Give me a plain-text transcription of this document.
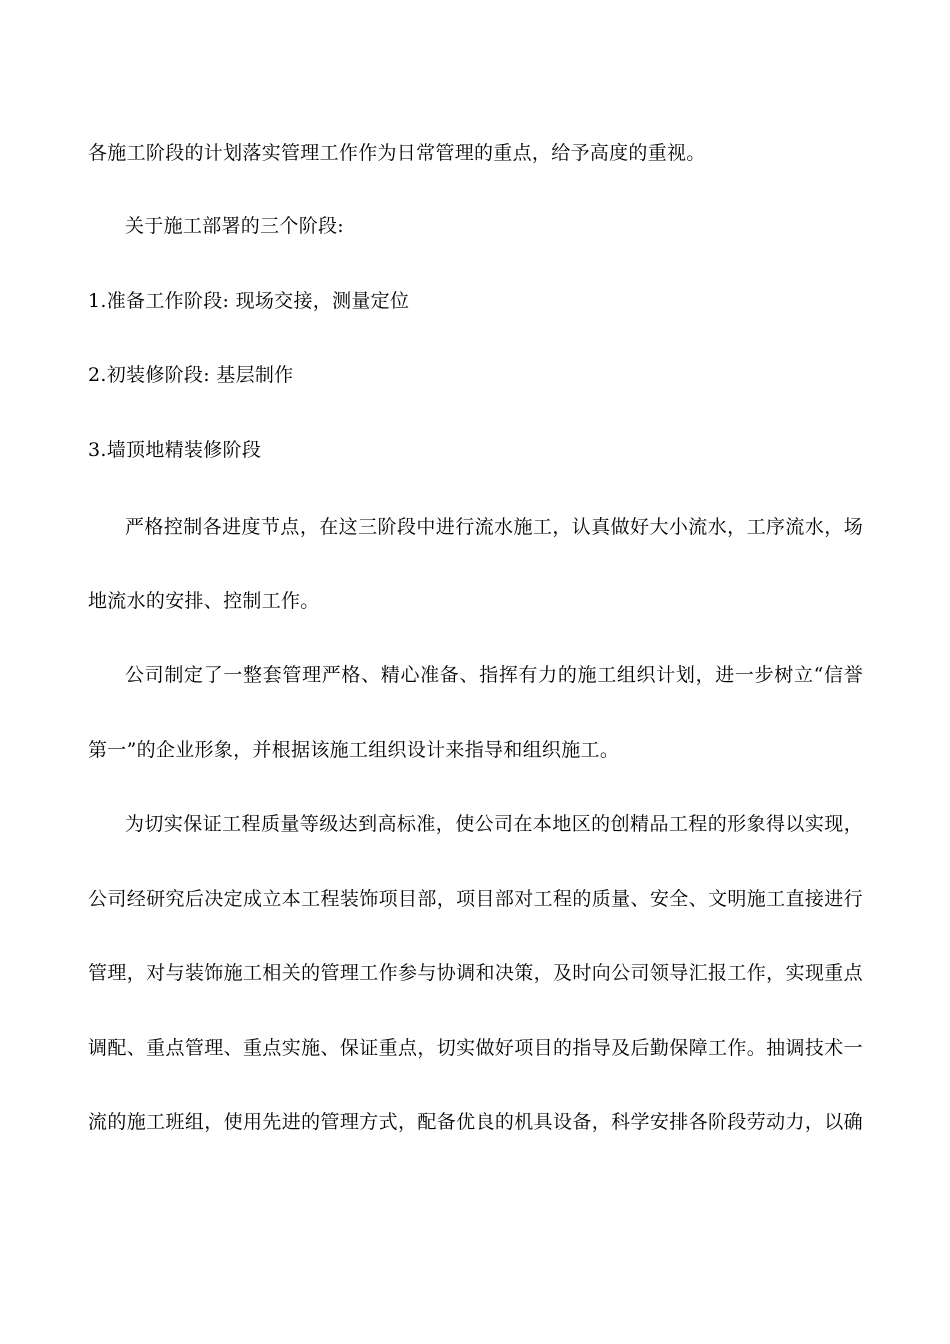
各施工阶段的计划落实管理工作作为日常管理的重点，给予高度的重视。
关于施工部署的三个阶段:
1.准备工作阶段: 现场交接，测量定位
2.初装修阶段: 基层制作
3.墙顶地精装修阶段
严格控制各进度节点，在这三阶段中进行流水施工，认真做好大小流水，工序流水，场
地流水的安排、控制工作。
公司制定了一整套管理严格、精心准备、指挥有力的施工组织计划，进一步树立“信誉
第一”的企业形象，并根据该施工组织设计来指导和组织施工。
为切实保证工程质量等级达到高标准，使公司在本地区的创精品工程的形象得以实现，
公司经研究后决定成立本工程装饰项目部，项目部对工程的质量、安全、文明施工直接进行
管理，对与装饰施工相关的管理工作参与协调和决策，及时向公司领导汇报工作，实现重点
调配、重点管理、重点实施、保证重点，切实做好项目的指导及后勤保障工作。抽调技术一
流的施工班组，使用先进的管理方式，配备优良的机具设备，科学安排各阶段劳动力，以确
